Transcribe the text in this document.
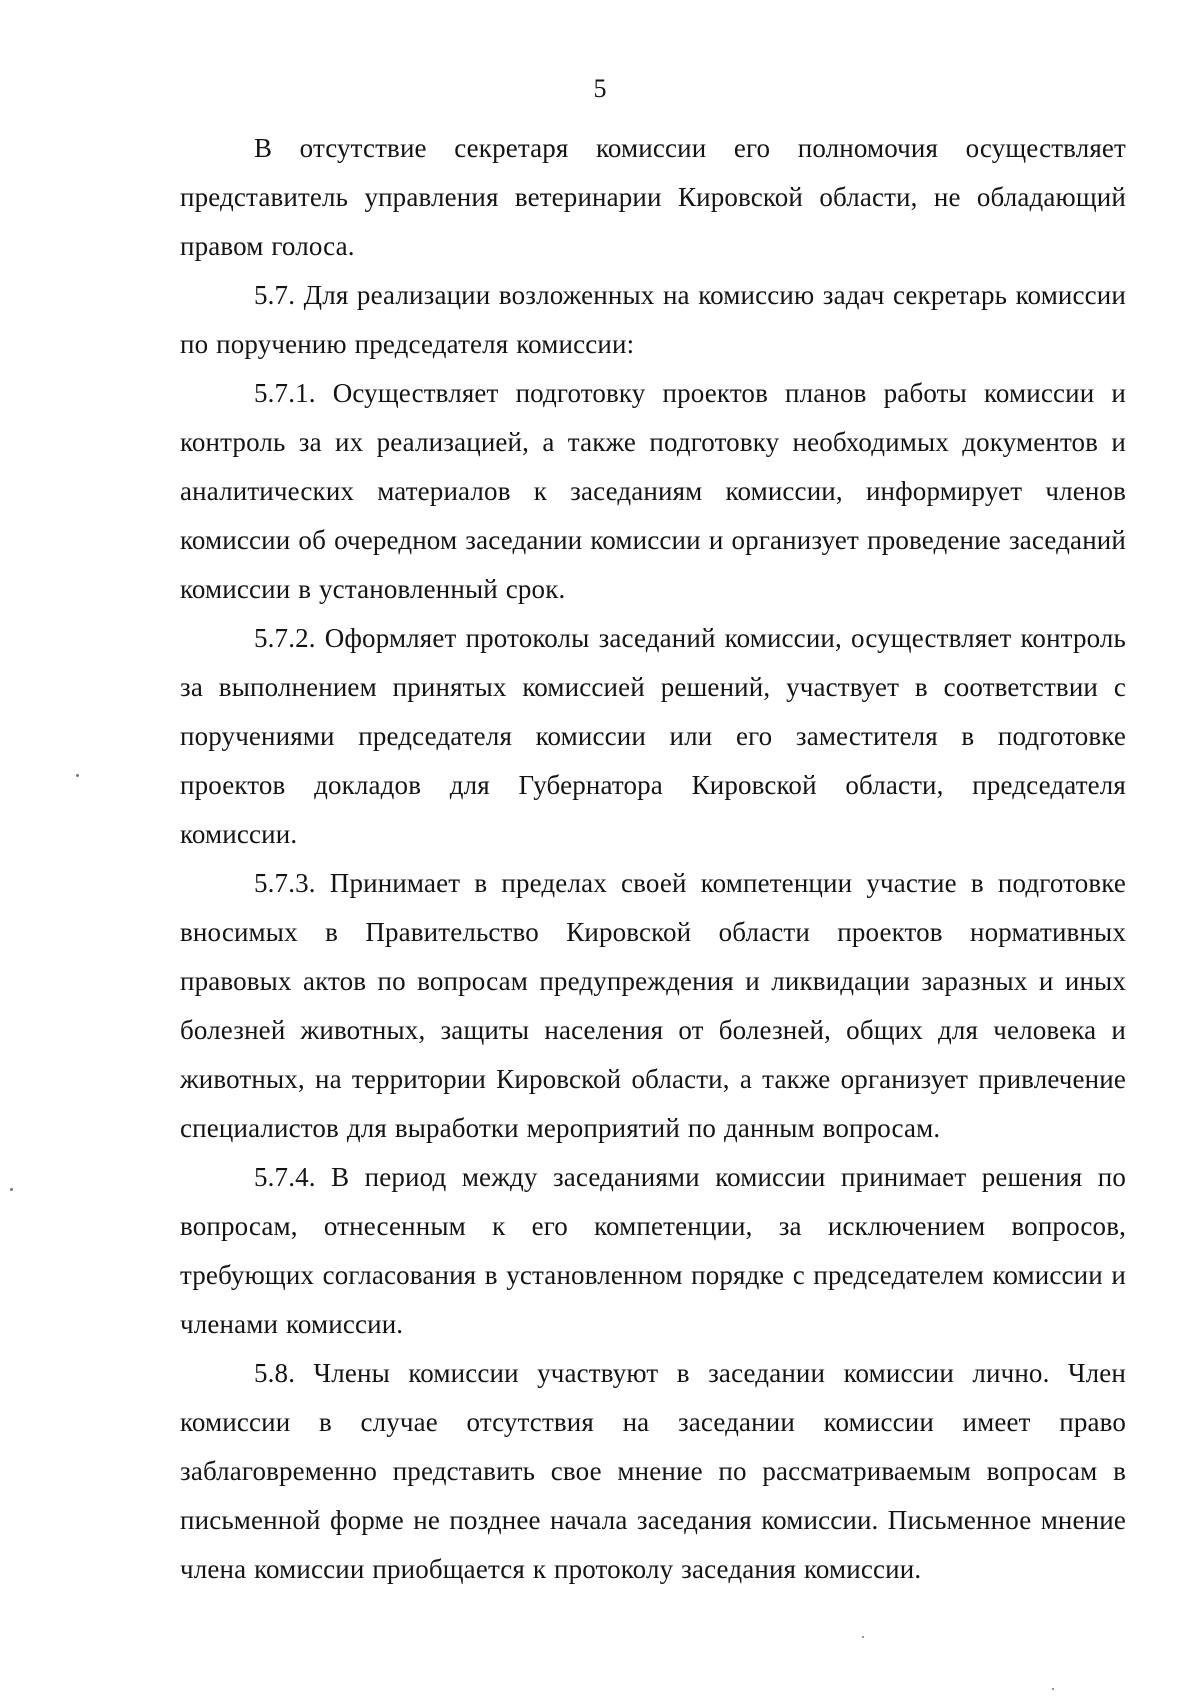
5

В отсутствие секретаря комиссии его полномочия осуществляет представитель управления ветеринарии Кировской области, не обладающий правом голоса.

5.7. Для реализации возложенных на комиссию задач секретарь комиссии по поручению председателя комиссии:

5.7.1. Осуществляет подготовку проектов планов работы комиссии и контроль за их реализацией, а также подготовку необходимых документов и аналитических материалов к заседаниям комиссии, информирует членов комиссии об очередном заседании комиссии и организует проведение заседаний комиссии в установленный срок.

5.7.2. Оформляет протоколы заседаний комиссии, осуществляет контроль за выполнением принятых комиссией решений, участвует в соответствии с поручениями председателя комиссии или его заместителя в подготовке проектов докладов для Губернатора Кировской области, председателя комиссии.

5.7.3. Принимает в пределах своей компетенции участие в подготовке вносимых в Правительство Кировской области проектов нормативных правовых актов по вопросам предупреждения и ликвидации заразных и иных болезней животных, защиты населения от болезней, общих для человека и животных, на территории Кировской области, а также организует привлечение специалистов для выработки мероприятий по данным вопросам.

5.7.4. В период между заседаниями комиссии принимает решения по вопросам, отнесенным к его компетенции, за исключением вопросов, требующих согласования в установленном порядке с председателем комиссии и членами комиссии.

5.8. Члены комиссии участвуют в заседании комиссии лично. Член комиссии в случае отсутствия на заседании комиссии имеет право заблаговременно представить свое мнение по рассматриваемым вопросам в письменной форме не позднее начала заседания комиссии. Письменное мнение члена комиссии приобщается к протоколу заседания комиссии.
